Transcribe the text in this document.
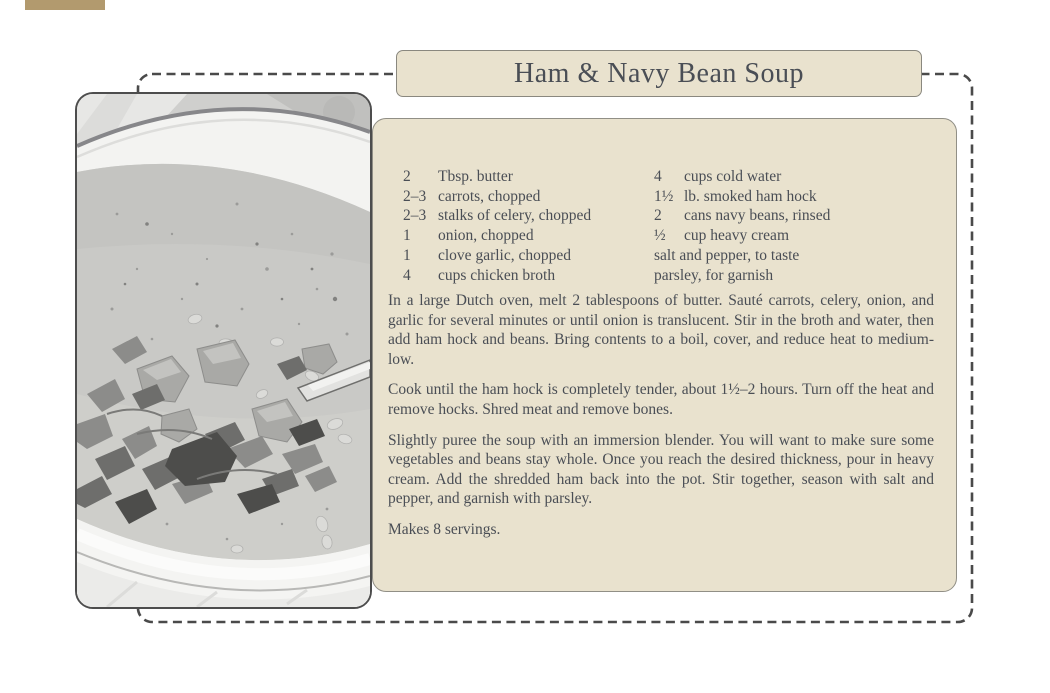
Ham & Navy Bean Soup
2 Tbsp. butter
2–3 carrots, chopped
2–3 stalks of celery, chopped
1 onion, chopped
1 clove garlic, chopped
4 cups chicken broth
4 cups cold water
1½ lb. smoked ham hock
2 cans navy beans, rinsed
½ cup heavy cream
salt and pepper, to taste
parsley, for garnish

In a large Dutch oven, melt 2 tablespoons of butter. Sauté carrots, celery, onion, and garlic for several minutes or until onion is translucent. Stir in the broth and water, then add ham hock and beans. Bring contents to a boil, cover, and reduce heat to medium-low.

Cook until the ham hock is completely tender, about 1½–2 hours. Turn off the heat and remove hocks. Shred meat and remove bones.

Slightly puree the soup with an immersion blender. You will want to make sure some vegetables and beans stay whole. Once you reach the desired thickness, pour in heavy cream. Add the shredded ham back into the pot. Stir together, season with salt and pepper, and garnish with parsley.

Makes 8 servings.
